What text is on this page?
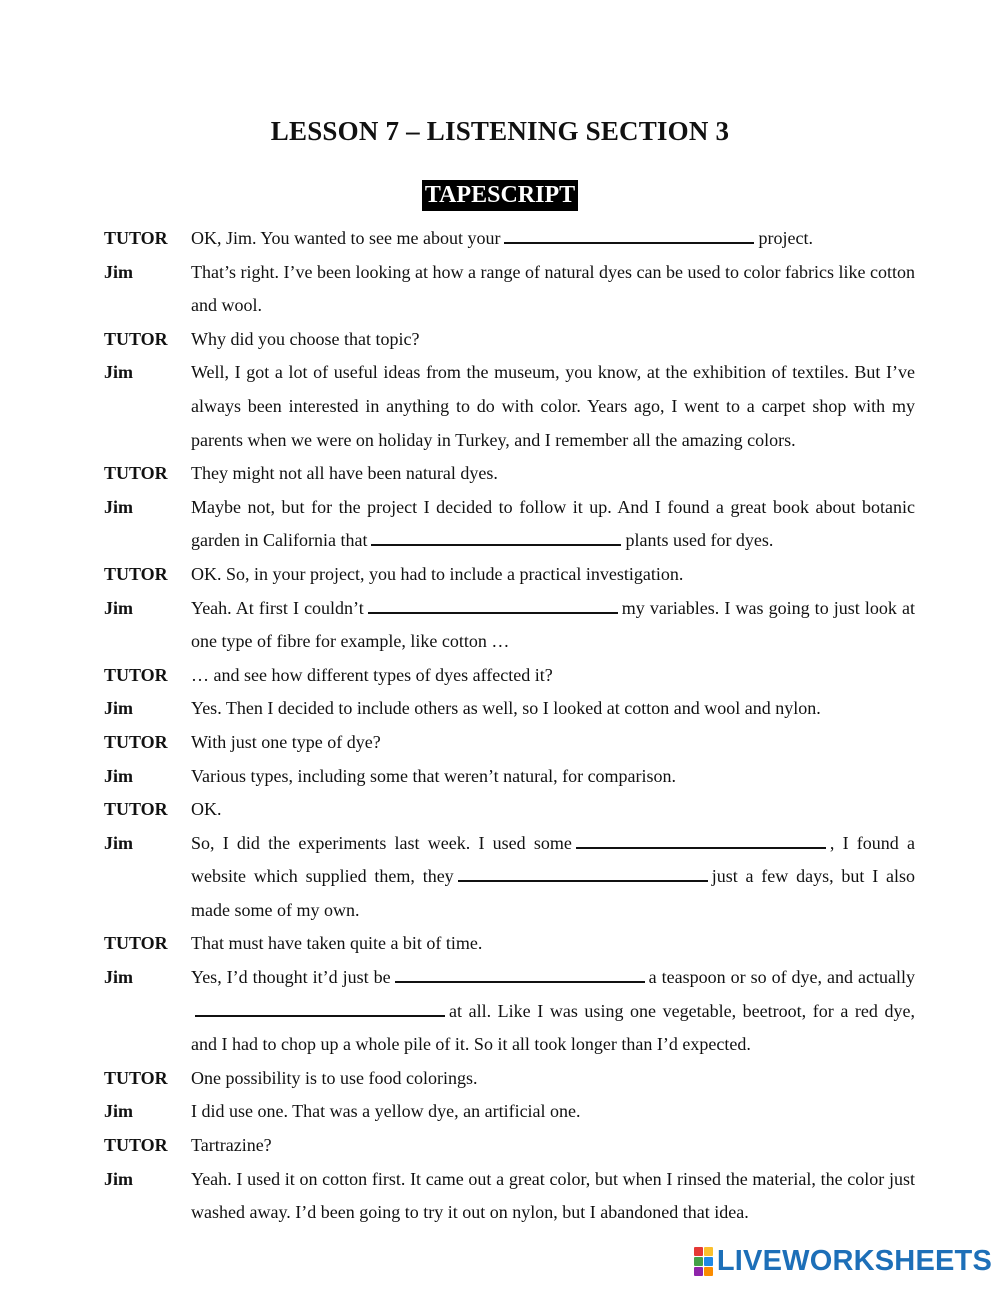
LESSON 7 – LISTENING SECTION 3
TAPESCRIPT
TUTOR	OK, Jim. You wanted to see me about your	project.
Jim	That’s right. I’ve been looking at how a range of natural dyes can be used to color fabrics like cotton and wool.
TUTOR	Why did you choose that topic?
Jim	Well, I got a lot of useful ideas from the museum, you know, at the exhibition of textiles. But I’ve always been interested in anything to do with color. Years ago, I went to a carpet shop with my parents when we were on holiday in Turkey, and I remember all the amazing colors.
TUTOR	They might not all have been natural dyes.
Jim	Maybe not, but for the project I decided to follow it up. And I found a great book about botanic garden in California that	plants used for dyes.
TUTOR	OK. So, in your project, you had to include a practical investigation.
Jim	Yeah. At first I couldn’t	my variables. I was going to just look at one type of fibre for example, like cotton …
TUTOR	… and see how different types of dyes affected it?
Jim	Yes. Then I decided to include others as well, so I looked at cotton and wool and nylon.
TUTOR	With just one type of dye?
Jim	Various types, including some that weren’t natural, for comparison.
TUTOR	OK.
Jim	So, I did the experiments last week. I used some	, I found a website which supplied them, they	just a few days, but I also made some of my own.
TUTOR	That must have taken quite a bit of time.
Jim	Yes, I’d thought it’d just be	a teaspoon or so of dye, and actuallyat all. Like I was using one vegetable, beetroot, for a red dye, and I had to chop up a whole pile of it. So it all took longer than I’d expected.
TUTOR	One possibility is to use food colorings.
Jim	I did use one. That was a yellow dye, an artificial one.
TUTOR	Tartrazine?
Jim	Yeah. I used it on cotton first. It came out a great color, but when I rinsed the material, the color just washed away. I’d been going to try it out on nylon, but I abandoned that idea.
LIVEWORKSHEETS
